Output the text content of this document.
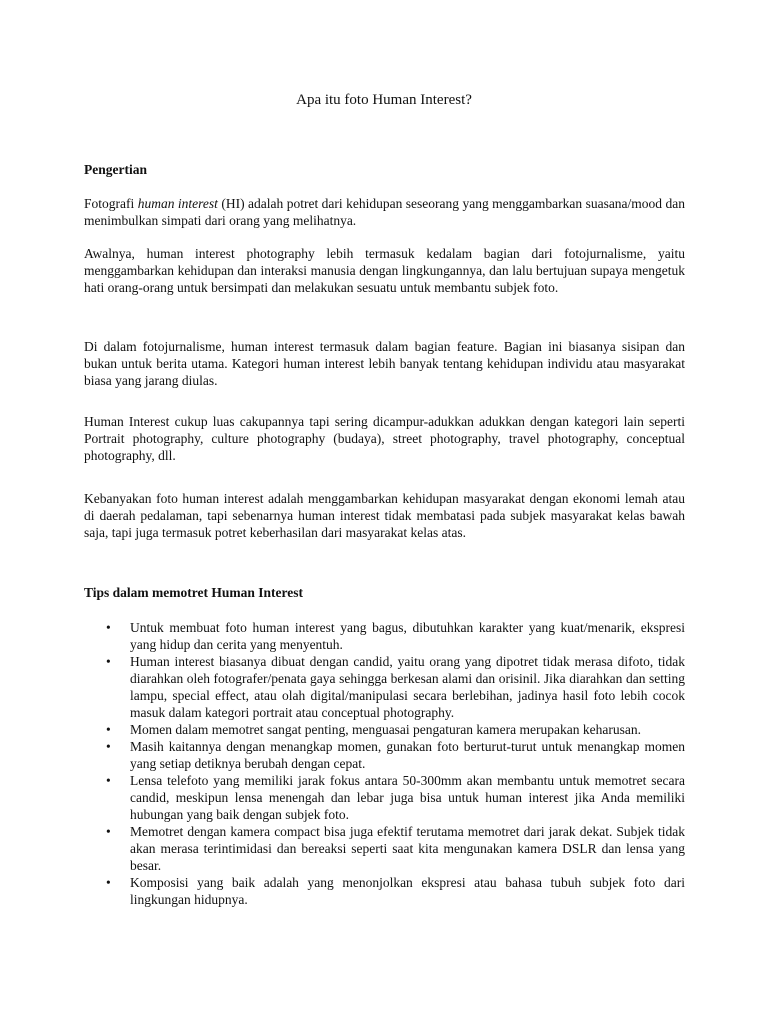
Apa itu foto Human Interest?
Pengertian

Fotografi human interest (HI) adalah potret dari kehidupan seseorang yang menggambarkan suasana/mood dan menimbulkan simpati dari orang yang melihatnya.

Awalnya, human interest photography lebih termasuk kedalam bagian dari fotojurnalisme, yaitu menggambarkan kehidupan dan interaksi manusia dengan lingkungannya, dan lalu bertujuan supaya mengetuk hati orang-orang untuk bersimpati dan melakukan sesuatu untuk membantu subjek foto.

Di dalam fotojurnalisme, human interest termasuk dalam bagian feature. Bagian ini biasanya sisipan dan bukan untuk berita utama. Kategori human interest lebih banyak tentang kehidupan individu atau masyarakat biasa yang jarang diulas.

Human Interest cukup luas cakupannya tapi sering dicampur-adukkan adukkan dengan kategori lain seperti Portrait photography, culture photography (budaya), street photography, travel photography, conceptual photography, dll.

Kebanyakan foto human interest adalah menggambarkan kehidupan masyarakat dengan ekonomi lemah atau di daerah pedalaman, tapi sebenarnya human interest tidak membatasi pada subjek masyarakat kelas bawah saja, tapi juga termasuk potret keberhasilan dari masyarakat kelas atas.

Tips dalam memotret Human Interest
• Untuk membuat foto human interest yang bagus, dibutuhkan karakter yang kuat/menarik, ekspresi yang hidup dan cerita yang menyentuh.
• Human interest biasanya dibuat dengan candid, yaitu orang yang dipotret tidak merasa difoto, tidak diarahkan oleh fotografer/penata gaya sehingga berkesan alami dan orisinil. Jika diarahkan dan setting lampu, special effect, atau olah digital/manipulasi secara berlebihan, jadinya hasil foto lebih cocok masuk dalam kategori portrait atau conceptual photography.
• Momen dalam memotret sangat penting, menguasai pengaturan kamera merupakan keharusan.
• Masih kaitannya dengan menangkap momen, gunakan foto berturut-turut untuk menangkap momen yang setiap detiknya berubah dengan cepat.
• Lensa telefoto yang memiliki jarak fokus antara 50-300mm akan membantu untuk memotret secara candid, meskipun lensa menengah dan lebar juga bisa untuk human interest jika Anda memiliki hubungan yang baik dengan subjek foto.
• Memotret dengan kamera compact bisa juga efektif terutama memotret dari jarak dekat. Subjek tidak akan merasa terintimidasi dan bereaksi seperti saat kita mengunakan kamera DSLR dan lensa yang besar.
• Komposisi yang baik adalah yang menonjolkan ekspresi atau bahasa tubuh subjek foto dari lingkungan hidupnya.
